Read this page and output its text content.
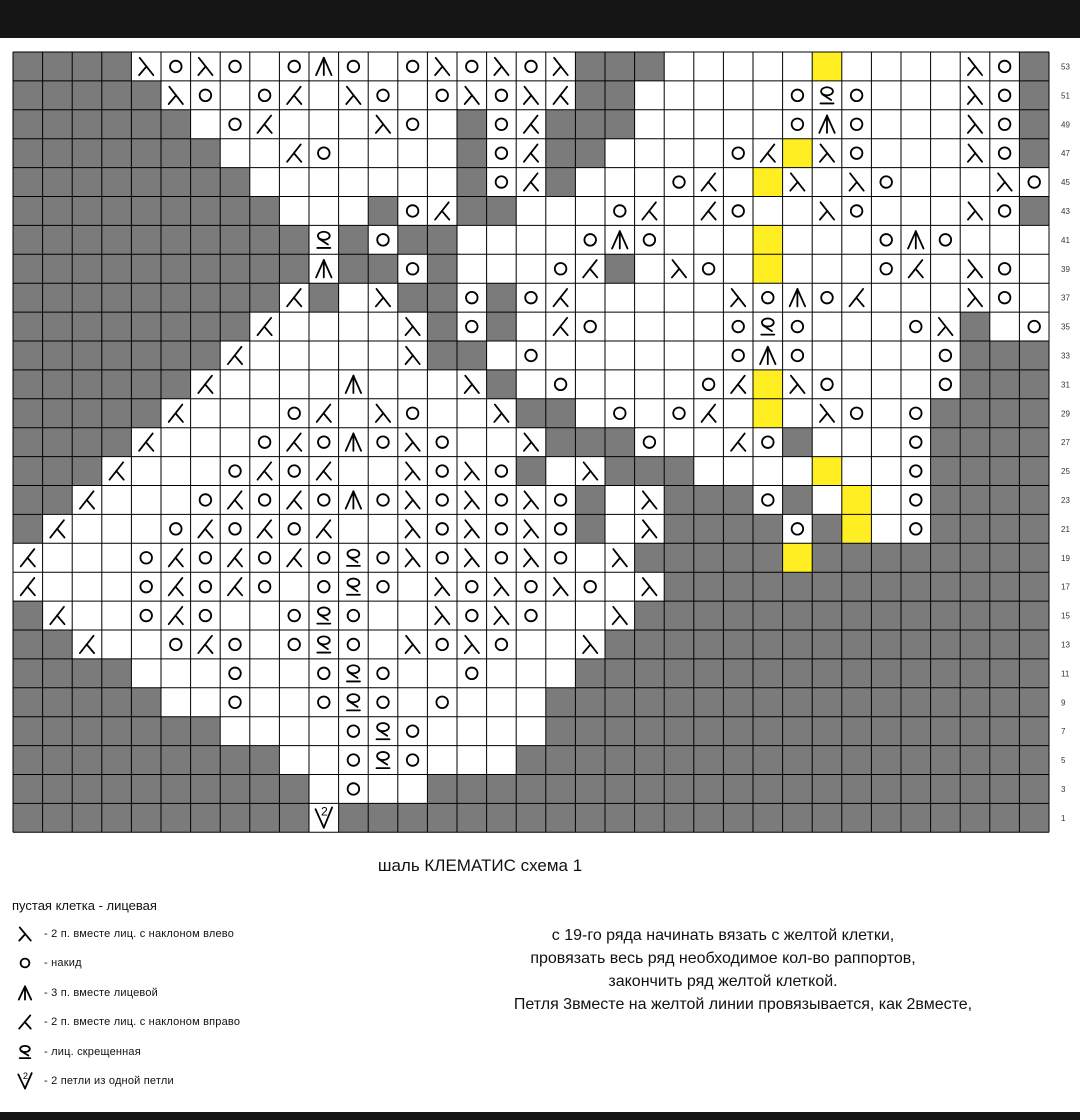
2
53
51
49
47
45
43
41
39
37
35
33
31
29
27
25
23
21
19
17
15
13
11
9
7
5
3
1
шаль КЛЕМАТИС схема 1
пустая клетка - лицевая
- 2 п. вместе лиц. с наклоном влево
- накид
- 3 п. вместе лицевой
- 2 п. вместе лиц. с наклоном вправо
- лиц. скрещенная
2 - 2 петли из одной петли
с 19-го ряда начинать вязать с желтой клетки,
провязать весь ряд необходимое кол-во раппортов,
закончить ряд желтой клеткой.
Петля 3вместе на желтой линии провязывается, как 2вместе,
